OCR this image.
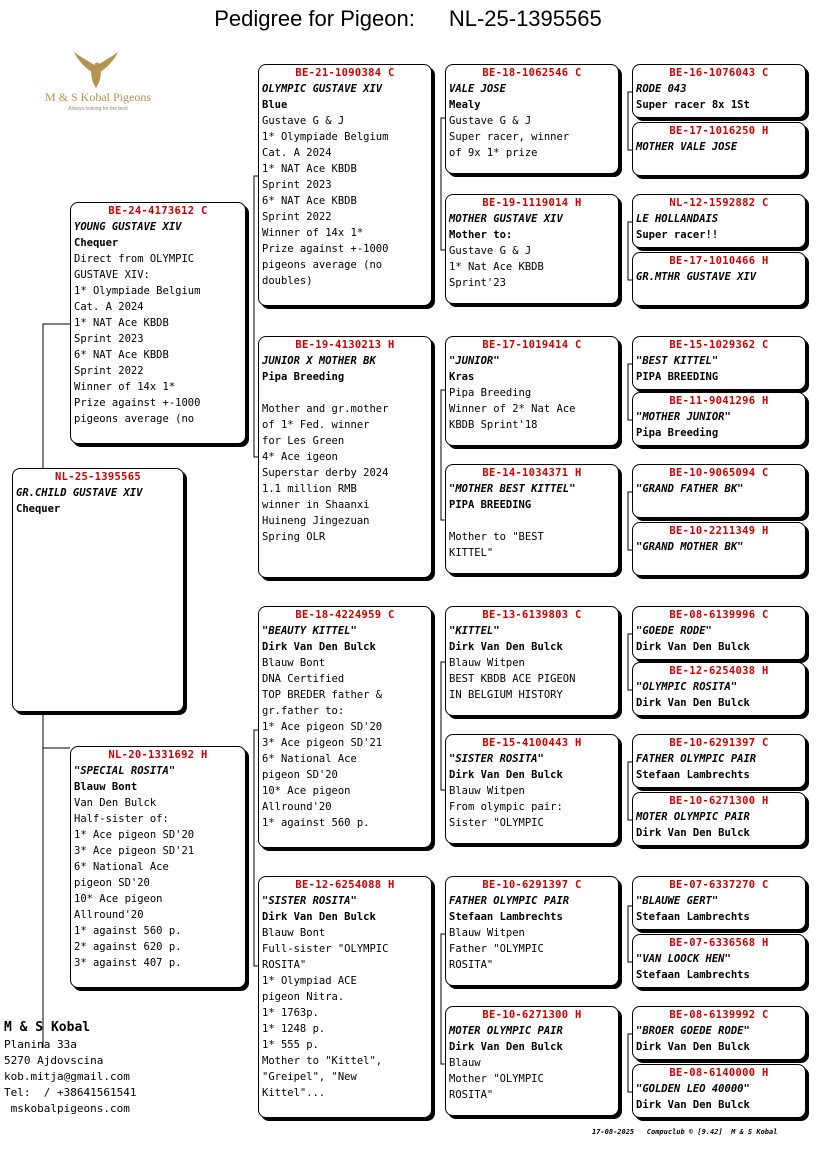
Pedigree for Pigeon: NL-25-1395565
M & S Kobal Pigeons
Always looking for the best
NL-25-1395565
GR.CHILD GUSTAVE XIV
Chequer
BE-24-4173612 C
YOUNG GUSTAVE XIV
Chequer
Direct from OLYMPIC
GUSTAVE XIV:
1* Olympiade Belgium
Cat. A 2024
1* NAT Ace KBDB
Sprint 2023
6* NAT Ace KBDB
Sprint 2022
Winner of 14x 1*
Prize against +-1000
pigeons average (no
NL-20-1331692 H
"SPECIAL ROSITA"
Blauw Bont
Van Den Bulck
Half-sister of:
1* Ace pigeon SD'20
3* Ace pigeon SD'21
6* National Ace
pigeon SD'20
10* Ace pigeon
Allround'20
1* against 560 p.
2* against 620 p.
3* against 407 p.
BE-21-1090384 C
OLYMPIC GUSTAVE XIV
Blue
Gustave G & J
1* Olympiade Belgium
Cat. A 2024
1* NAT Ace KBDB
Sprint 2023
6* NAT Ace KBDB
Sprint 2022
Winner of 14x 1*
Prize against +-1000
pigeons average (no
doubles)
BE-19-4130213 H
JUNIOR X MOTHER BK
Pipa Breeding
Mother and gr.mother
of 1* Fed. winner
for Les Green
4* Ace igeon
Superstar derby 2024
1.1 million RMB
winner in Shaanxi
Huineng Jingezuan
Spring OLR
BE-18-4224959 C
"BEAUTY KITTEL"
Dirk Van Den Bulck
Blauw Bont
DNA Certified
TOP BREDER father &
gr.father to:
1* Ace pigeon SD'20
3* Ace pigeon SD'21
6* National Ace
pigeon SD'20
10* Ace pigeon
Allround'20
1* against 560 p.
BE-12-6254088 H
"SISTER ROSITA"
Dirk Van Den Bulck
Blauw Bont
Full-sister "OLYMPIC
ROSITA"
1* Olympiad ACE
pigeon Nitra.
1* 1763p.
1* 1248 p.
1* 555 p.
Mother to "Kittel",
"Greipel", "New
Kittel"...
BE-18-1062546 C
VALE JOSE
Mealy
Gustave G & J
Super racer, winner
of 9x 1* prize
BE-19-1119014 H
MOTHER GUSTAVE XIV
Mother to:
Gustave G & J
1* Nat Ace KBDB
Sprint'23
BE-17-1019414 C
"JUNIOR"
Kras
Pipa Breeding
Winner of 2* Nat Ace
KBDB Sprint'18
BE-14-1034371 H
"MOTHER BEST KITTEL"
PIPA BREEDING
Mother to "BEST
KITTEL"
BE-13-6139803 C
"KITTEL"
Dirk Van Den Bulck
Blauw Witpen
BEST KBDB ACE PIGEON
IN BELGIUM HISTORY
BE-15-4100443 H
"SISTER ROSITA"
Dirk Van Den Bulck
Blauw Witpen
From olympic pair:
Sister "OLYMPIC
BE-10-6291397 C
FATHER OLYMPIC PAIR
Stefaan Lambrechts
Blauw Witpen
Father "OLYMPIC
ROSITA"
BE-10-6271300 H
MOTER OLYMPIC PAIR
Dirk Van Den Bulck
Blauw
Mother "OLYMPIC
ROSITA"
BE-16-1076043 C
RODE 043
Super racer 8x 1St
BE-17-1016250 H
MOTHER VALE JOSE
NL-12-1592882 C
LE HOLLANDAIS
Super racer!!
BE-17-1010466 H
GR.MTHR GUSTAVE XIV
BE-15-1029362 C
"BEST KITTEL"
PIPA BREEDING
BE-11-9041296 H
"MOTHER JUNIOR"
Pipa Breeding
BE-10-9065094 C
"GRAND FATHER BK"
BE-10-2211349 H
"GRAND MOTHER BK"
BE-08-6139996 C
"GOEDE RODE"
Dirk Van Den Bulck
BE-12-6254038 H
"OLYMPIC ROSITA"
Dirk Van Den Bulck
BE-10-6291397 C
FATHER OLYMPIC PAIR
Stefaan Lambrechts
BE-10-6271300 H
MOTER OLYMPIC PAIR
Dirk Van Den Bulck
BE-07-6337270 C
"BLAUWE GERT"
Stefaan Lambrechts
BE-07-6336568 H
"VAN LOOCK HEN"
Stefaan Lambrechts
BE-08-6139992 C
"BROER GOEDE RODE"
Dirk Van Den Bulck
BE-08-6140000 H
"GOLDEN LEO 40000"
Dirk Van Den Bulck
M & S Kobal
Planina 33a
5270 Ajdovscina
kob.mitja@gmail.com
Tel:  / +38641561541
mskobalpigeons.com
17-08-2025   Compuclub © [9.42]  M & S Kobal
